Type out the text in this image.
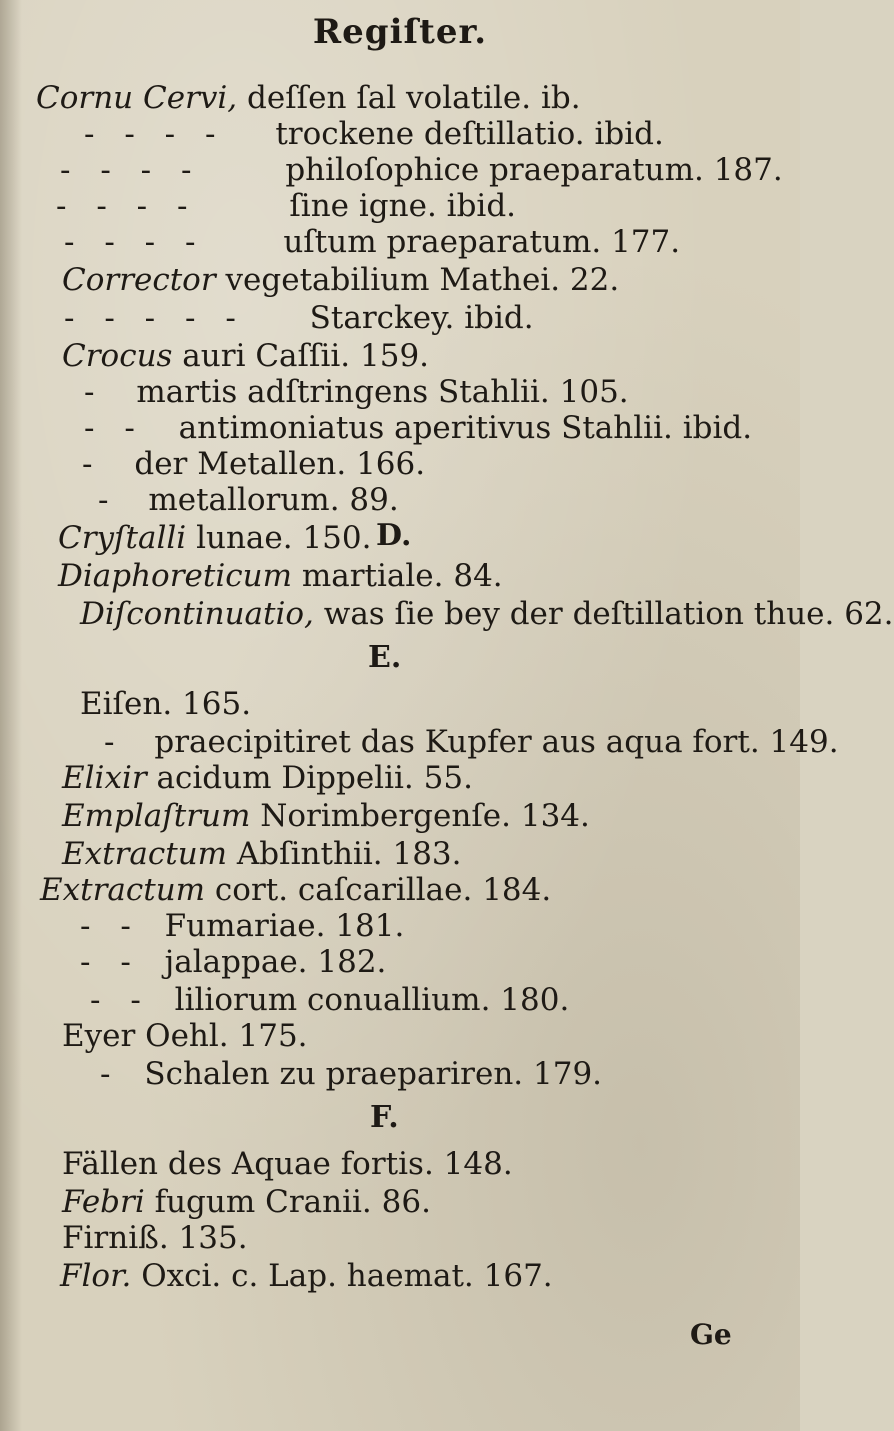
Regiſter.
Cornu Cervi, deſſen ſal volatile. ib.
- - - - trockene deſtillatio. ibid.
- - - -	philoſophice praeparatum. 187.
- - - -	ſine igne. ibid.
- - - -	uſtum praeparatum. 177.
Corrector vegetabilium Mathei. 22.
- - - - - Starckey. ibid.
Crocus auri Caſſii. 159.
- martis adſtringens Stahlii. 105.
- - antimoniatus aperitivus Stahlii. ibid.
- der Metallen. 166.
- metallorum. 89.
Cryſtalli lunae. 150. D.
Diaphoreticum martiale. 84.
Diſcontinuatio, was ſie bey der deſtillation thue. 62.
E.
Eiſen. 165.
- praecipitiret das Kupfer aus aqua fort. 149.
Elixir acidum Dippelii. 55.
Emplaſtrum Norimbergenſe. 134.
Extractum Abſinthii. 183.
Extractum cort. caſcarillae. 184.
- - Fumariae. 181.
- - jalappae. 182.
- - liliorum conuallium. 180.
Eyer Oehl. 175.
- Schalen zu praepariren. 179.
F.
Fällen des Aquae fortis. 148.
Febri fugum Cranii. 86.
Firniß. 135.
Flor. Oxci. c. Lap. haemat. 167.
Ge
